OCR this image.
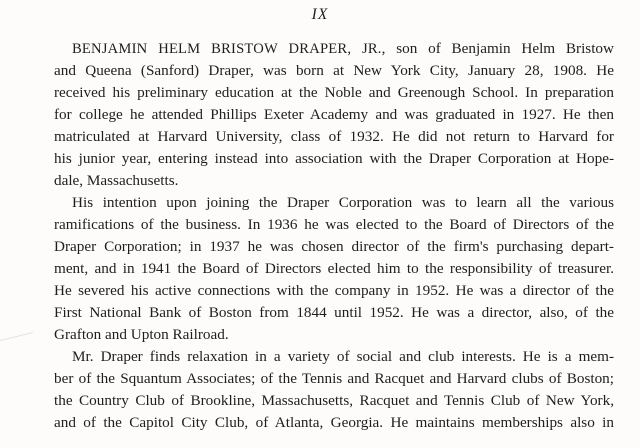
IX
BENJAMIN HELM BRISTOW DRAPER, JR., son of Benjamin Helm Bristow
and Queena (Sanford) Draper, was born at New York City, January 28, 1908. He
received his preliminary education at the Noble and Greenough School. In preparation
for college he attended Phillips Exeter Academy and was graduated in 1927. He then
matriculated at Harvard University, class of 1932. He did not return to Harvard for
his junior year, entering instead into association with the Draper Corporation at Hope-
dale, Massachusetts.
His intention upon joining the Draper Corporation was to learn all the various
ramifications of the business. In 1936 he was elected to the Board of Directors of the
Draper Corporation; in 1937 he was chosen director of the firm's purchasing depart-
ment, and in 1941 the Board of Directors elected him to the responsibility of treasurer.
He severed his active connections with the company in 1952. He was a director of the
First National Bank of Boston from 1844 until 1952. He was a director, also, of the
Grafton and Upton Railroad.
Mr. Draper finds relaxation in a variety of social and club interests. He is a mem-
ber of the Squantum Associates; of the Tennis and Racquet and Harvard clubs of Boston;
the Country Club of Brookline, Massachusetts, Racquet and Tennis Club of New York,
and of the Capitol City Club, of Atlanta, Georgia. He maintains memberships also in
